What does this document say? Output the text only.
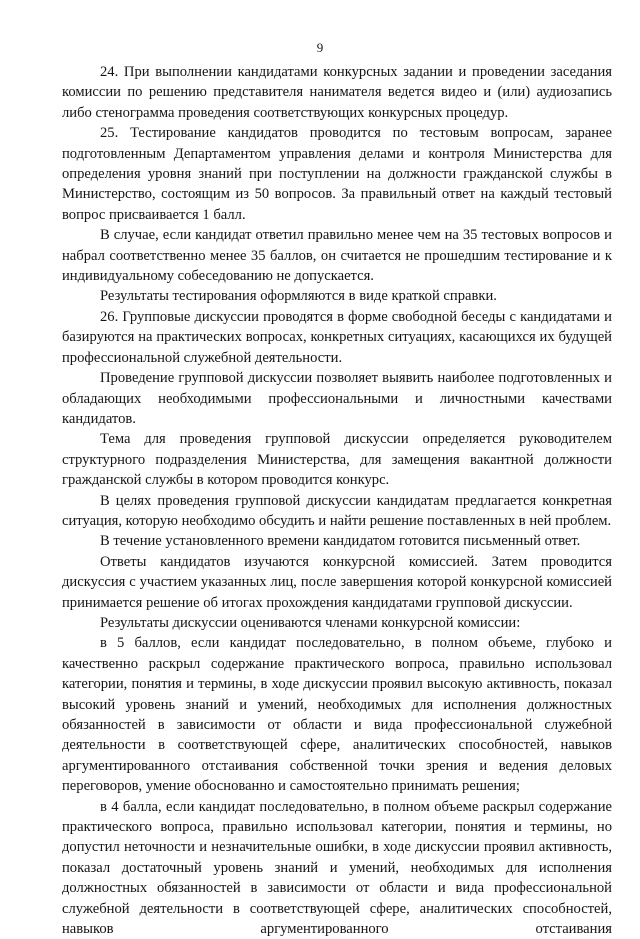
9

24. При выполнении кандидатами конкурсных задании и проведении заседания комиссии по решению представителя нанимателя ведется видео и (или) аудиозапись либо стенограмма проведения соответствующих конкурсных процедур.

25. Тестирование кандидатов проводится по тестовым вопросам, заранее подготовленным Департаментом управления делами и контроля Министерства для определения уровня знаний при поступлении на должности гражданской службы в Министерство, состоящим из 50 вопросов. За правильный ответ на каждый тестовый вопрос присваивается 1 балл.

В случае, если кандидат ответил правильно менее чем на 35 тестовых вопросов и набрал соответственно менее 35 баллов, он считается не прошедшим тестирование и к индивидуальному собеседованию не допускается.

Результаты тестирования оформляются в виде краткой справки.

26. Групповые дискуссии проводятся в форме свободной беседы с кандидатами и базируются на практических вопросах, конкретных ситуациях, касающихся их будущей профессиональной служебной деятельности.

Проведение групповой дискуссии позволяет выявить наиболее подготовленных и обладающих необходимыми профессиональными и личностными качествами кандидатов.

Тема для проведения групповой дискуссии определяется руководителем структурного подразделения Министерства, для замещения вакантной должности гражданской службы в котором проводится конкурс.

В целях проведения групповой дискуссии кандидатам предлагается конкретная ситуация, которую необходимо обсудить и найти решение поставленных в ней проблем.

В течение установленного времени кандидатом готовится письменный ответ.

Ответы кандидатов изучаются конкурсной комиссией. Затем проводится дискуссия с участием указанных лиц, после завершения которой конкурсной комиссией принимается решение об итогах прохождения кандидатами групповой дискуссии.

Результаты дискуссии оцениваются членами конкурсной комиссии:

в 5 баллов, если кандидат последовательно, в полном объеме, глубоко и качественно раскрыл содержание практического вопроса, правильно использовал категории, понятия и термины, в ходе дискуссии проявил высокую активность, показал высокий уровень знаний и умений, необходимых для исполнения должностных обязанностей в зависимости от области и вида профессиональной служебной деятельности в соответствующей сфере, аналитических способностей, навыков аргументированного отстаивания собственной точки зрения и ведения деловых переговоров, умение обоснованно и самостоятельно принимать решения;

в 4 балла, если кандидат последовательно, в полном объеме раскрыл содержание практического вопроса, правильно использовал категории, понятия и термины, но допустил неточности и незначительные ошибки, в ходе дискуссии проявил активность, показал достаточный уровень знаний и умений, необходимых для исполнения должностных обязанностей в зависимости от области и вида профессиональной служебной деятельности в соответствующей сфере, аналитических способностей, навыков аргументированного отстаивания
